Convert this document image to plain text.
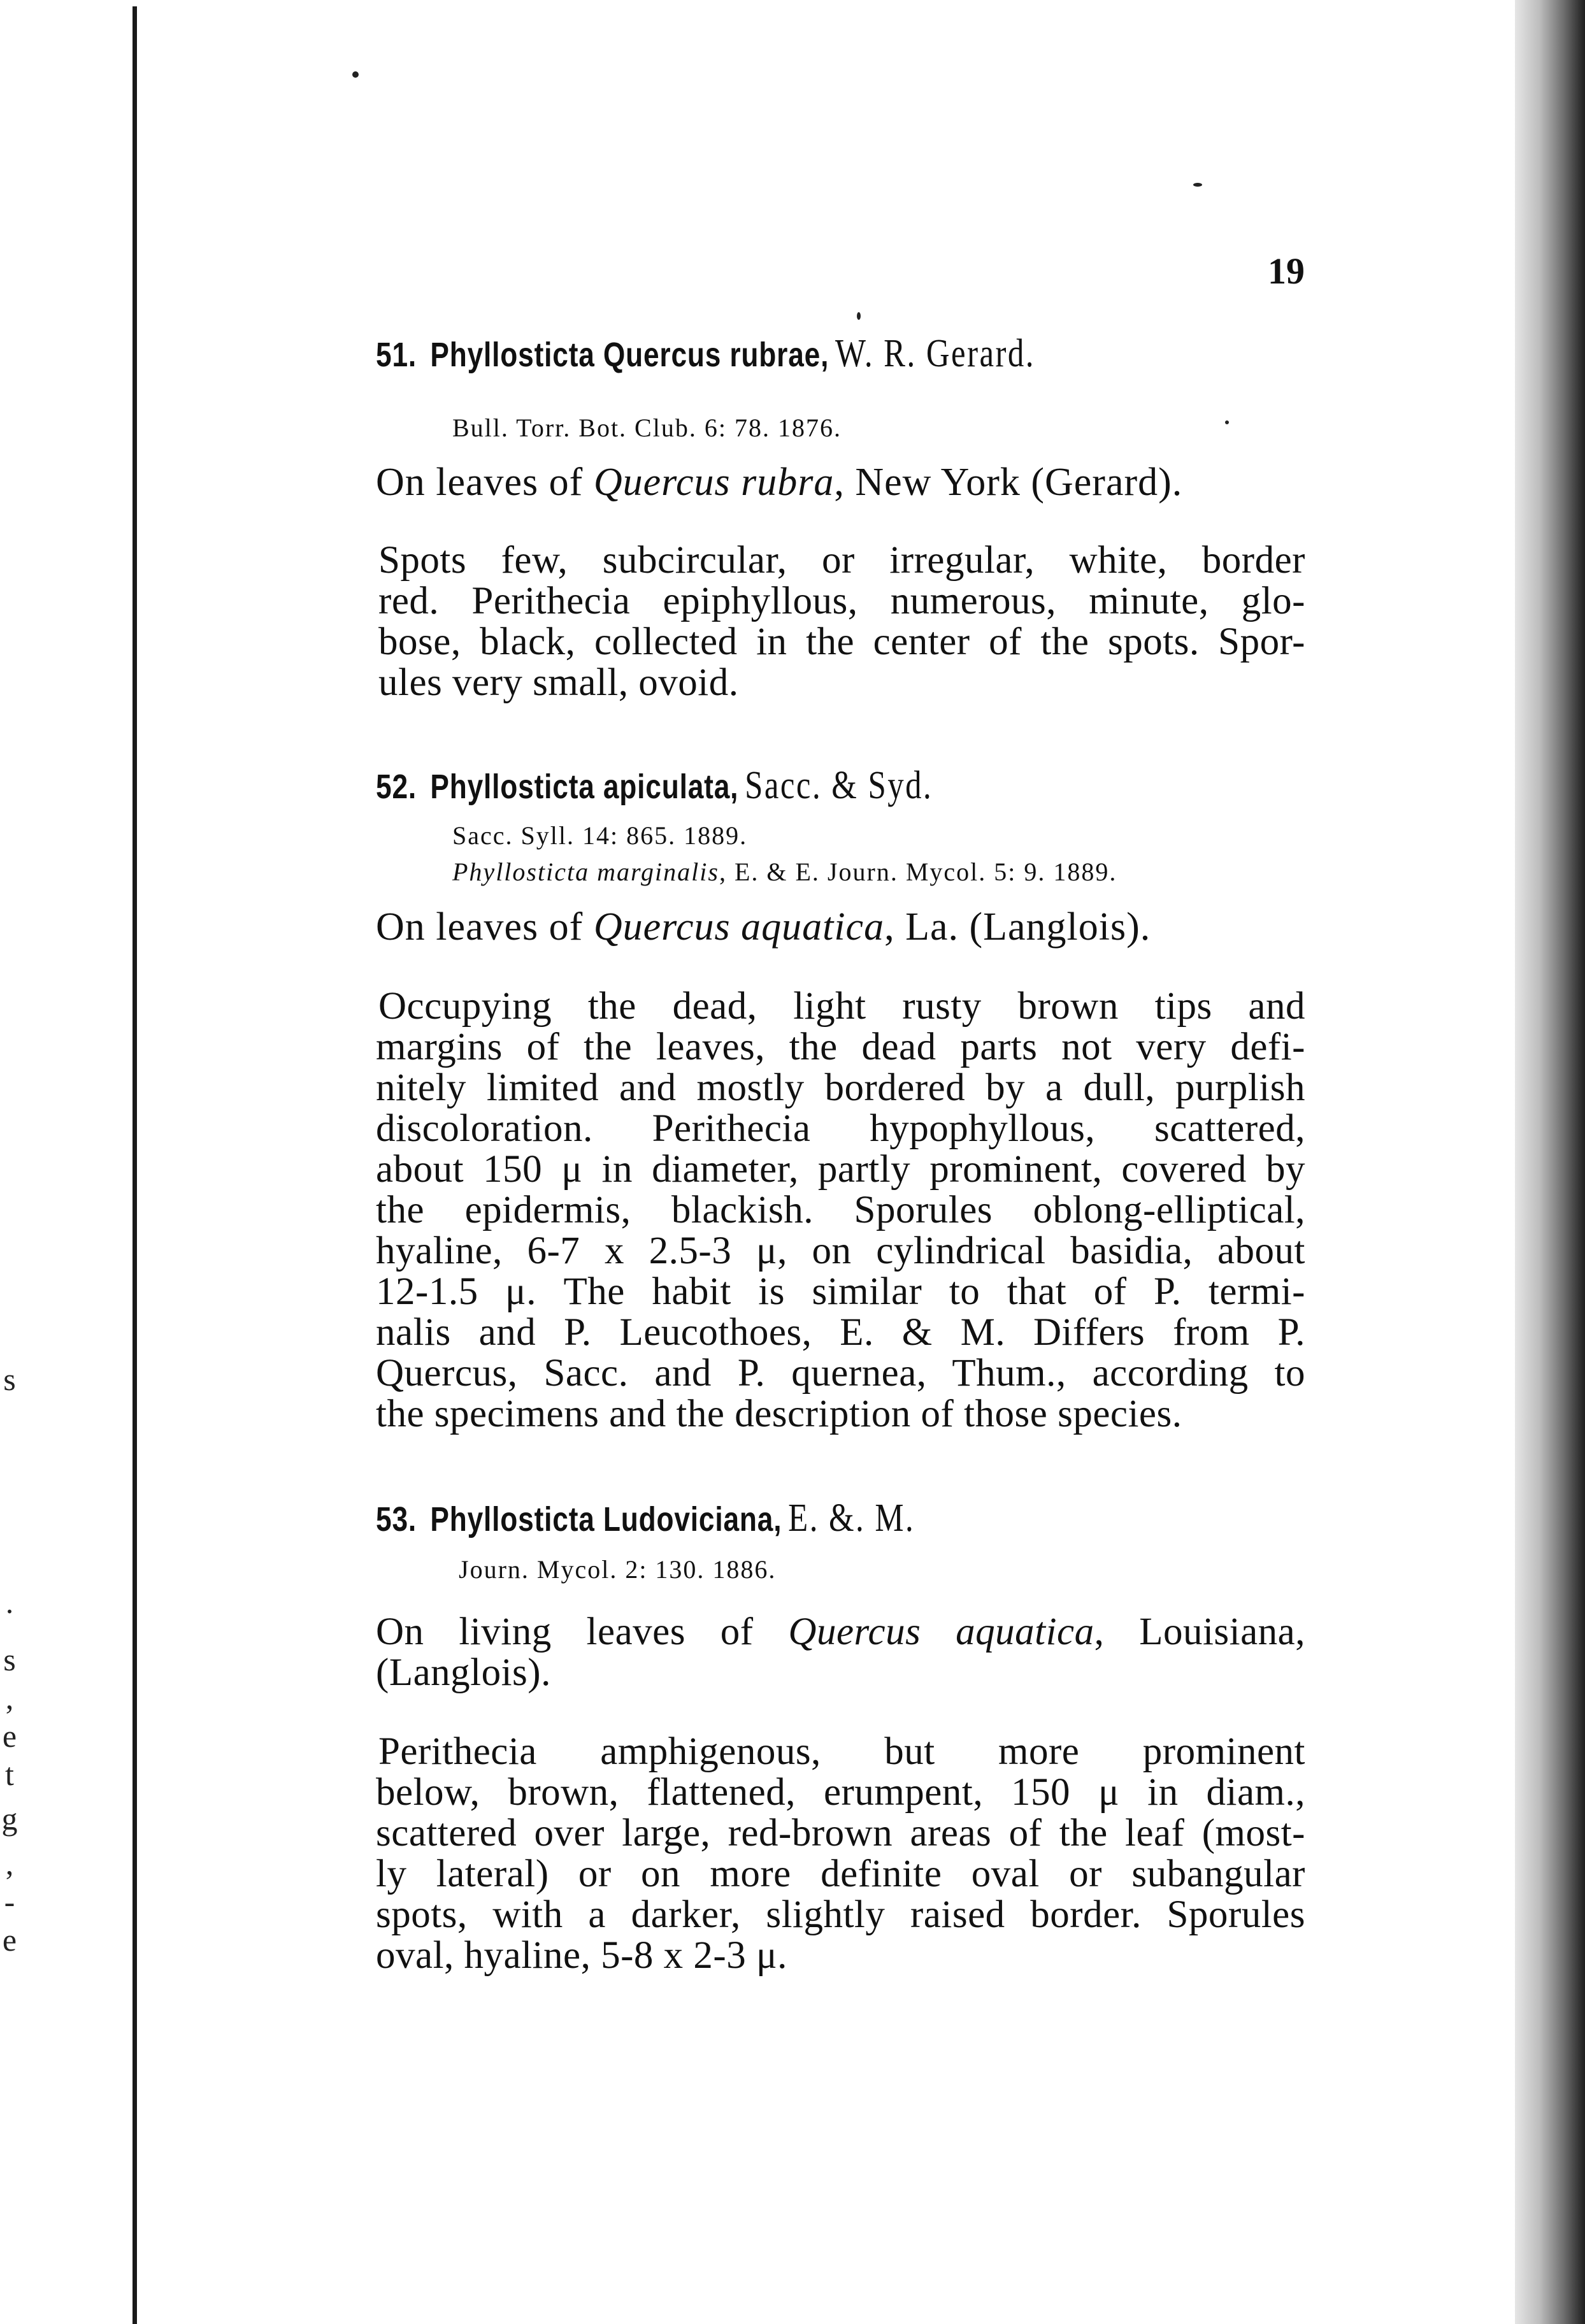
s
.
s
,
e
t
g
,
-
e
19
51. Phyllosticta Quercus rubrae, W. R. Gerard.
Bull. Torr. Bot. Club. 6: 78. 1876.
On leaves of Quercus rubra, New York (Gerard).
Spots few, subcircular, or irregular, white, border
red. Perithecia epiphyllous, numerous, minute, glo-
bose, black, collected in the center of the spots. Spor-
ules very small, ovoid.
52. Phyllosticta apiculata, Sacc. & Syd.
Sacc. Syll. 14: 865. 1889.
Phyllosticta marginalis, E. & E. Journ. Mycol. 5: 9. 1889.
On leaves of Quercus aquatica, La. (Langlois).
Occupying the dead, light rusty brown tips and
margins of the leaves, the dead parts not very defi-
nitely limited and mostly bordered by a dull, purplish
discoloration. Perithecia hypophyllous, scattered,
about 150 μ in diameter, partly prominent, covered by
the epidermis, blackish. Sporules oblong-elliptical,
hyaline, 6-7 x 2.5-3 μ, on cylindrical basidia, about
12-1.5 μ. The habit is similar to that of P. termi-
nalis and P. Leucothoes, E. & M. Differs from P.
Quercus, Sacc. and P. quernea, Thum., according to
the specimens and the description of those species.
53. Phyllosticta Ludoviciana, E. &. M.
Journ. Mycol. 2: 130. 1886.
On living leaves of Quercus aquatica, Louisiana,
(Langlois).
Perithecia amphigenous, but more prominent
below, brown, flattened, erumpent, 150 μ in diam.,
scattered over large, red-brown areas of the leaf (most-
ly lateral) or on more definite oval or subangular
spots, with a darker, slightly raised border. Sporules
oval, hyaline, 5-8 x 2-3 μ.
